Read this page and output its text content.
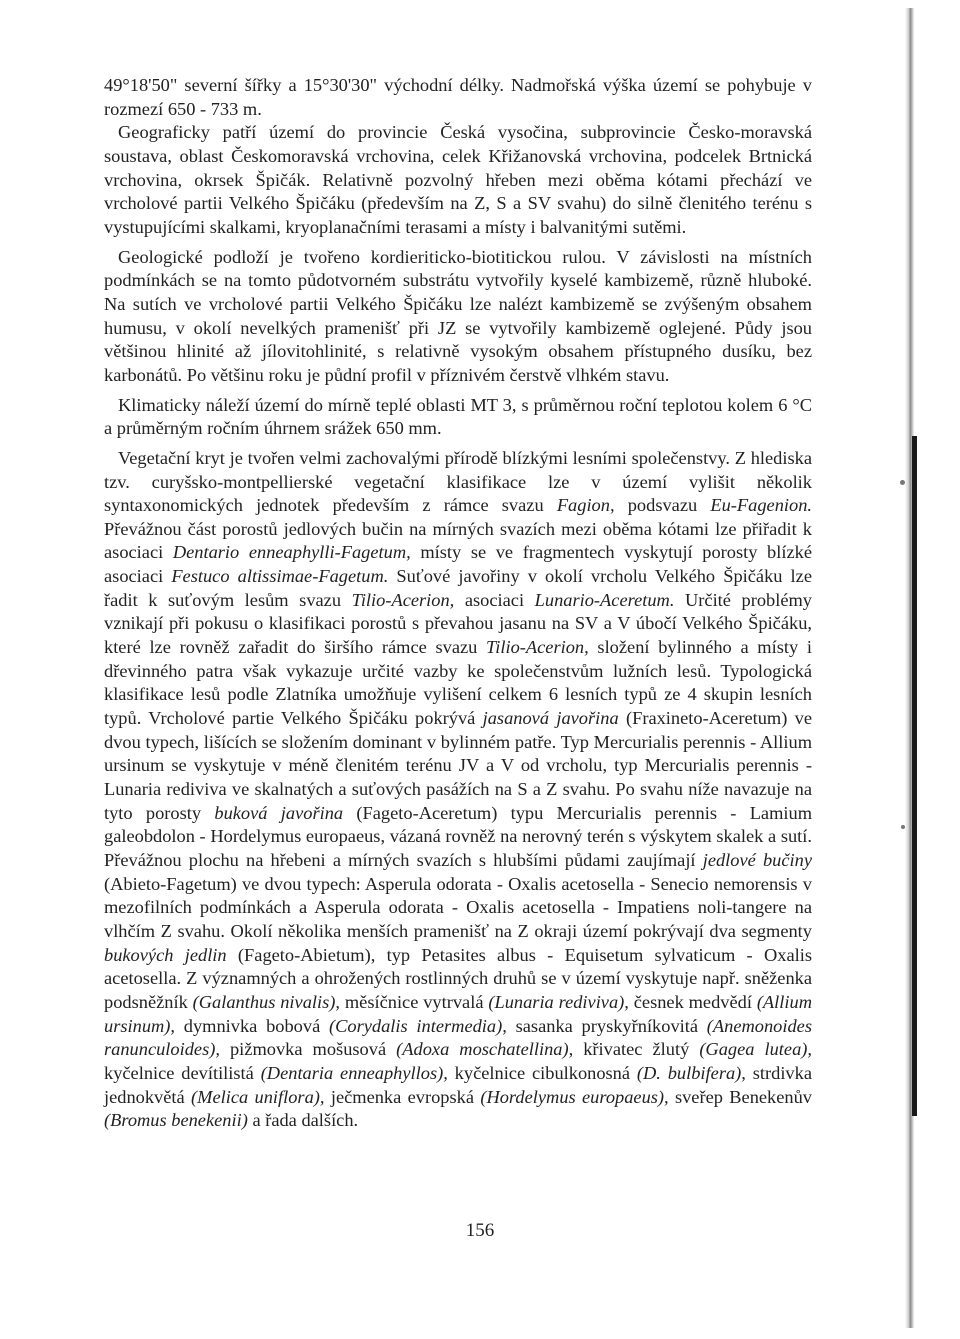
49°18'50" severní šířky a 15°30'30" východní délky. Nadmořská výška území se pohybuje v rozmezí 650 - 733 m.

Geograficky patří území do provincie Česká vysočina, subprovincie Česko-moravská soustava, oblast Českomoravská vrchovina, celek Křižanovská vrchovina, podcelek Brtnická vrchovina, okrsek Špičák. Relativně pozvolný hřeben mezi oběma kótami přechází ve vrcholové partii Velkého Špičáku (především na Z, S a SV svahu) do silně členitého terénu s vystupujícími skalkami, kryoplanačními terasami a místy i balvanitými sutěmi.

Geologické podloží je tvořeno kordieriticko-biotitickou rulou. V závislosti na místních podmínkách se na tomto půdotvorném substrátu vytvořily kyselé kambizemě, různě hluboké. Na sutích ve vrcholové partii Velkého Špičáku lze nalézt kambizemě se zvýšeným obsahem humusu, v okolí nevelkých pramenišť při JZ se vytvořily kambizemě oglejené. Půdy jsou většinou hlinité až jílovitohlinité, s relativně vysokým obsahem přístupného dusíku, bez karbonátů. Po většinu roku je půdní profil v příznivém čerstvě vlhkém stavu.

Klimaticky náleží území do mírně teplé oblasti MT 3, s průměrnou roční teplotou kolem 6 °C a průměrným ročním úhrnem srážek 650 mm.

Vegetační kryt je tvořen velmi zachovalými přírodě blízkými lesními společenstvy. Z hlediska tzv. curyšsko-montpellierské vegetační klasifikace lze v území vylišit několik syntaxonomických jednotek především z rámce svazu Fagion, podsvazu Eu-Fagenion. Převážnou část porostů jedlových bučin na mírných svazích mezi oběma kótami lze přiřadit k asociaci Dentario enneaphylli-Fagetum, místy se ve fragmentech vyskytují porosty blízké asociaci Festuco altissimae-Fagetum. Suťové javořiny v okolí vrcholu Velkého Špičáku lze řadit k suťovým lesům svazu Tilio-Acerion, asociaci Lunario-Aceretum. Určité problémy vznikají při pokusu o klasifikaci porostů s převahou jasanu na SV a V úbočí Velkého Špičáku, které lze rovněž zařadit do širšího rámce svazu Tilio-Acerion, složení bylinného a místy i dřevinného patra však vykazuje určité vazby ke společenstvům lužních lesů. Typologická klasifikace lesů podle Zlatníka umožňuje vylišení celkem 6 lesních typů ze 4 skupin lesních typů. Vrcholové partie Velkého Špičáku pokrývá jasanová javořina (Fraxineto-Aceretum) ve dvou typech, lišících se složením dominant v bylinném patře. Typ Mercurialis perennis - Allium ursinum se vyskytuje v méně členitém terénu JV a V od vrcholu, typ Mercurialis perennis - Lunaria rediviva ve skalnatých a suťových pasážích na S a Z svahu. Po svahu níže navazuje na tyto porosty buková javořina (Fageto-Aceretum) typu Mercurialis perennis - Lamium galeobdolon - Hordelymus europaeus, vázaná rovněž na nerovný terén s výskytem skalek a sutí. Převážnou plochu na hřebeni a mírných svazích s hlubšími půdami zaujímají jedlové bučiny (Abieto-Fagetum) ve dvou typech: Asperula odorata - Oxalis acetosella - Senecio nemorensis v mezofilních podmínkách a Asperula odorata - Oxalis acetosella - Impatiens noli-tangere na vlhčím Z svahu. Okolí několika menších pramenišť na Z okraji území pokrývají dva segmenty bukových jedlin (Fageto-Abietum), typ Petasites albus - Equisetum sylvaticum - Oxalis acetosella. Z významných a ohrožených rostlinných druhů se v území vyskytuje např. sněženka podsněžník (Galanthus nivalis), měsíčnice vytrvalá (Lunaria rediviva), česnek medvědí (Allium ursinum), dymnivka bobová (Corydalis intermedia), sasanka pryskyřníkovitá (Anemonoides ranunculoides), pižmovka mošusová (Adoxa moschatellina), křivatec žlutý (Gagea lutea), kyčelnice devítilistá (Dentaria enneaphyllos), kyčelnice cibulkonosná (D. bulbifera), strdivka jednokvětá (Melica uniflora), ječmenka evropská (Hordelymus europaeus), sveřep Benekenův (Bromus benekenii) a řada dalších.

156
